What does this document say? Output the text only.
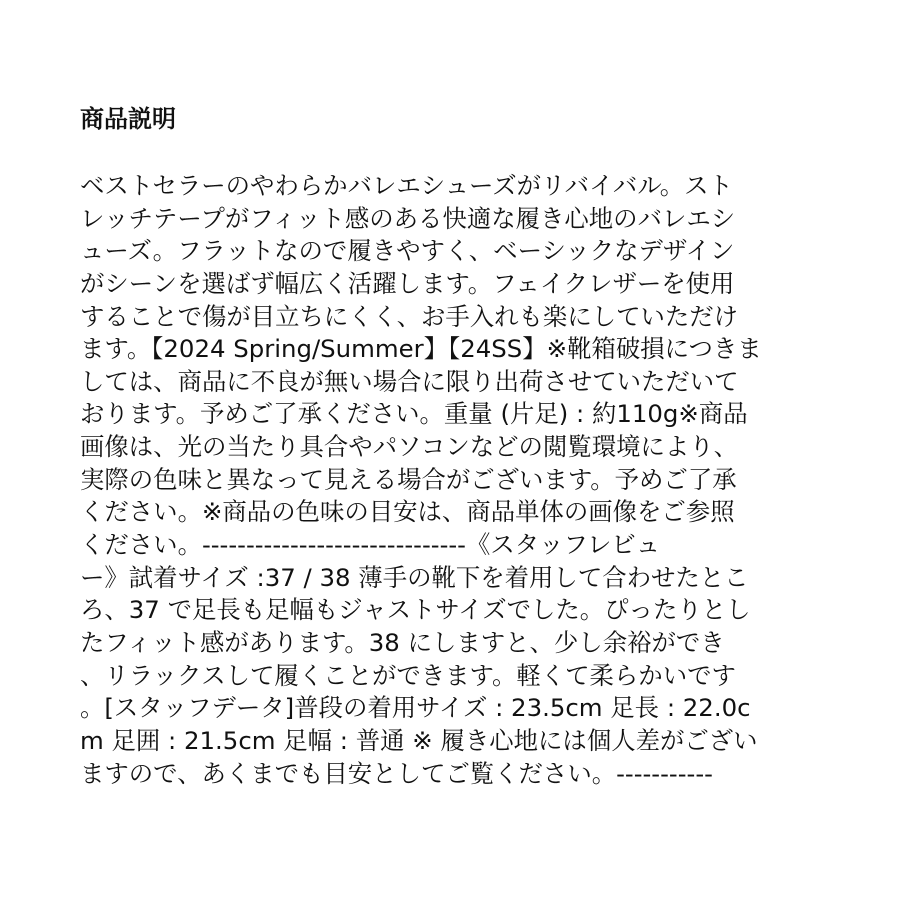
商品説明
ベストセラーのやわらかバレエシューズがリバイバル。スト
レッチテープがフィット感のある快適な履き心地のバレエシ
ューズ。フラットなので履きやすく、ベーシックなデザイン
がシーンを選ばず幅広く活躍します。フェイクレザーを使用
することで傷が目立ちにくく、お手入れも楽にしていただけ
ます。【2024 Spring/Summer】【24SS】※靴箱破損につきま
しては、商品に不良が無い場合に限り出荷させていただいて
おります。予めご了承ください。重量 (片足) : 約110g※商品
画像は、光の当たり具合やパソコンなどの閲覧環境により、
実際の色味と異なって見える場合がございます。予めご了承
ください。※商品の色味の目安は、商品単体の画像をご参照
ください。------------------------------《スタッフレビュ
ー》試着サイズ :37 / 38 薄手の靴下を着用して合わせたとこ
ろ、37 で足長も足幅もジャストサイズでした。ぴったりとし
たフィット感があります。38 にしますと、少し余裕ができ
、リラックスして履くことができます。軽くて柔らかいです
。[スタッフデータ]普段の着用サイズ : 23.5cm 足長 : 22.0c
m 足囲 : 21.5cm 足幅 : 普通 ※ 履き心地には個人差がござい
ますので、あくまでも目安としてご覧ください。-----------
